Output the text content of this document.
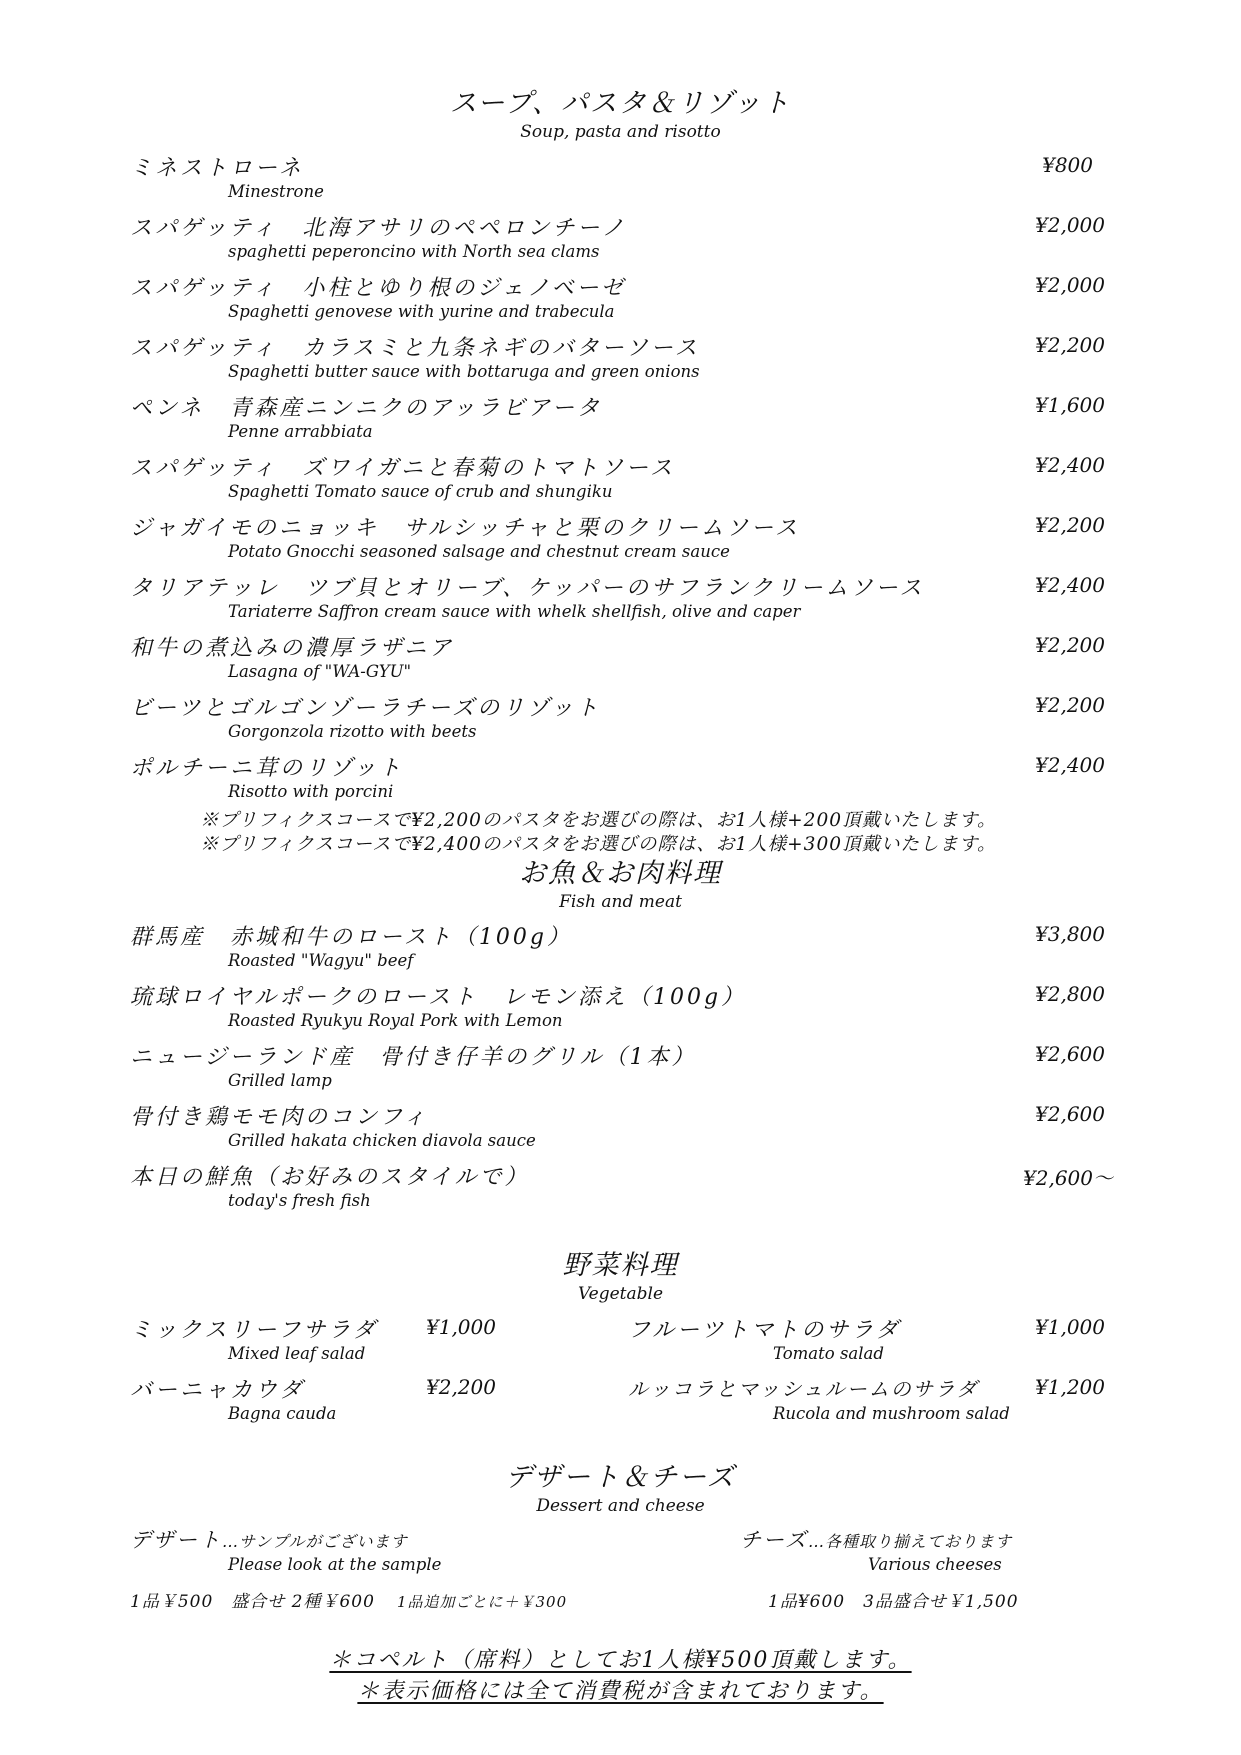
スープ、パスタ＆リゾット
Soup, pasta and risotto
ミネストローネ
Minestrone
¥800
スパゲッティ　北海アサリのペペロンチーノ
spaghetti peperoncino with North sea clams
¥2,000
スパゲッティ　小柱とゆり根のジェノベーゼ
Spaghetti genovese with yurine and trabecula
¥2,000
スパゲッティ　カラスミと九条ネギのバターソース
Spaghetti butter sauce with bottaruga and green onions
¥2,200
ペンネ　青森産ニンニクのアッラビアータ
Penne arrabbiata
¥1,600
スパゲッティ　ズワイガニと春菊のトマトソース
Spaghetti Tomato sauce of crub and shungiku
¥2,400
ジャガイモのニョッキ　サルシッチャと栗のクリームソース
Potato Gnocchi seasoned salsage and chestnut cream sauce
¥2,200
タリアテッレ　ツブ貝とオリーブ、ケッパーのサフランクリームソース
Tariaterre Saffron cream sauce with whelk shellfish, olive and caper
¥2,400
和牛の煮込みの濃厚ラザニア
Lasagna of "WA-GYU"
¥2,200
ビーツとゴルゴンゾーラチーズのリゾット
Gorgonzola rizotto with beets
¥2,200
ポルチーニ茸のリゾット
Risotto with porcini
¥2,400
※プリフィクスコースで¥2,200のパスタをお選びの際は、お1人様+200頂戴いたします。
※プリフィクスコースで¥2,400のパスタをお選びの際は、お1人様+300頂戴いたします。
お魚＆お肉料理
Fish and meat
群馬産　赤城和牛のロースト（100g）
Roasted "Wagyu" beef
¥3,800
琉球ロイヤルポークのロースト　レモン添え（100g）
Roasted Ryukyu Royal Pork with Lemon
¥2,800
ニュージーランド産　骨付き仔羊のグリル（1本）
Grilled lamp
¥2,600
骨付き鶏モモ肉のコンフィ
Grilled hakata chicken diavola sauce
¥2,600
本日の鮮魚（お好みのスタイルで）
today's fresh fish
¥2,600～
野菜料理
Vegetable
ミックスリーフサラダ
Mixed leaf salad
¥1,000	フルーツトマトのサラダ
Tomato salad
¥1,000
バーニャカウダ
Bagna cauda
¥2,200	ルッコラとマッシュルームのサラダ
Rucola and mushroom salad
¥1,200
デザート＆チーズ
Dessert and cheese
デザート…サンプルがございます
Please look at the sample
1品￥500　盛合せ 2種￥600 1品追加ごとに＋￥300
チーズ…各種取り揃えております
Various cheeses
1品¥600　3品盛合せ￥1,500
＊コペルト（席料）としてお1人様¥500頂戴します。
＊表示価格には全て消費税が含まれております。
